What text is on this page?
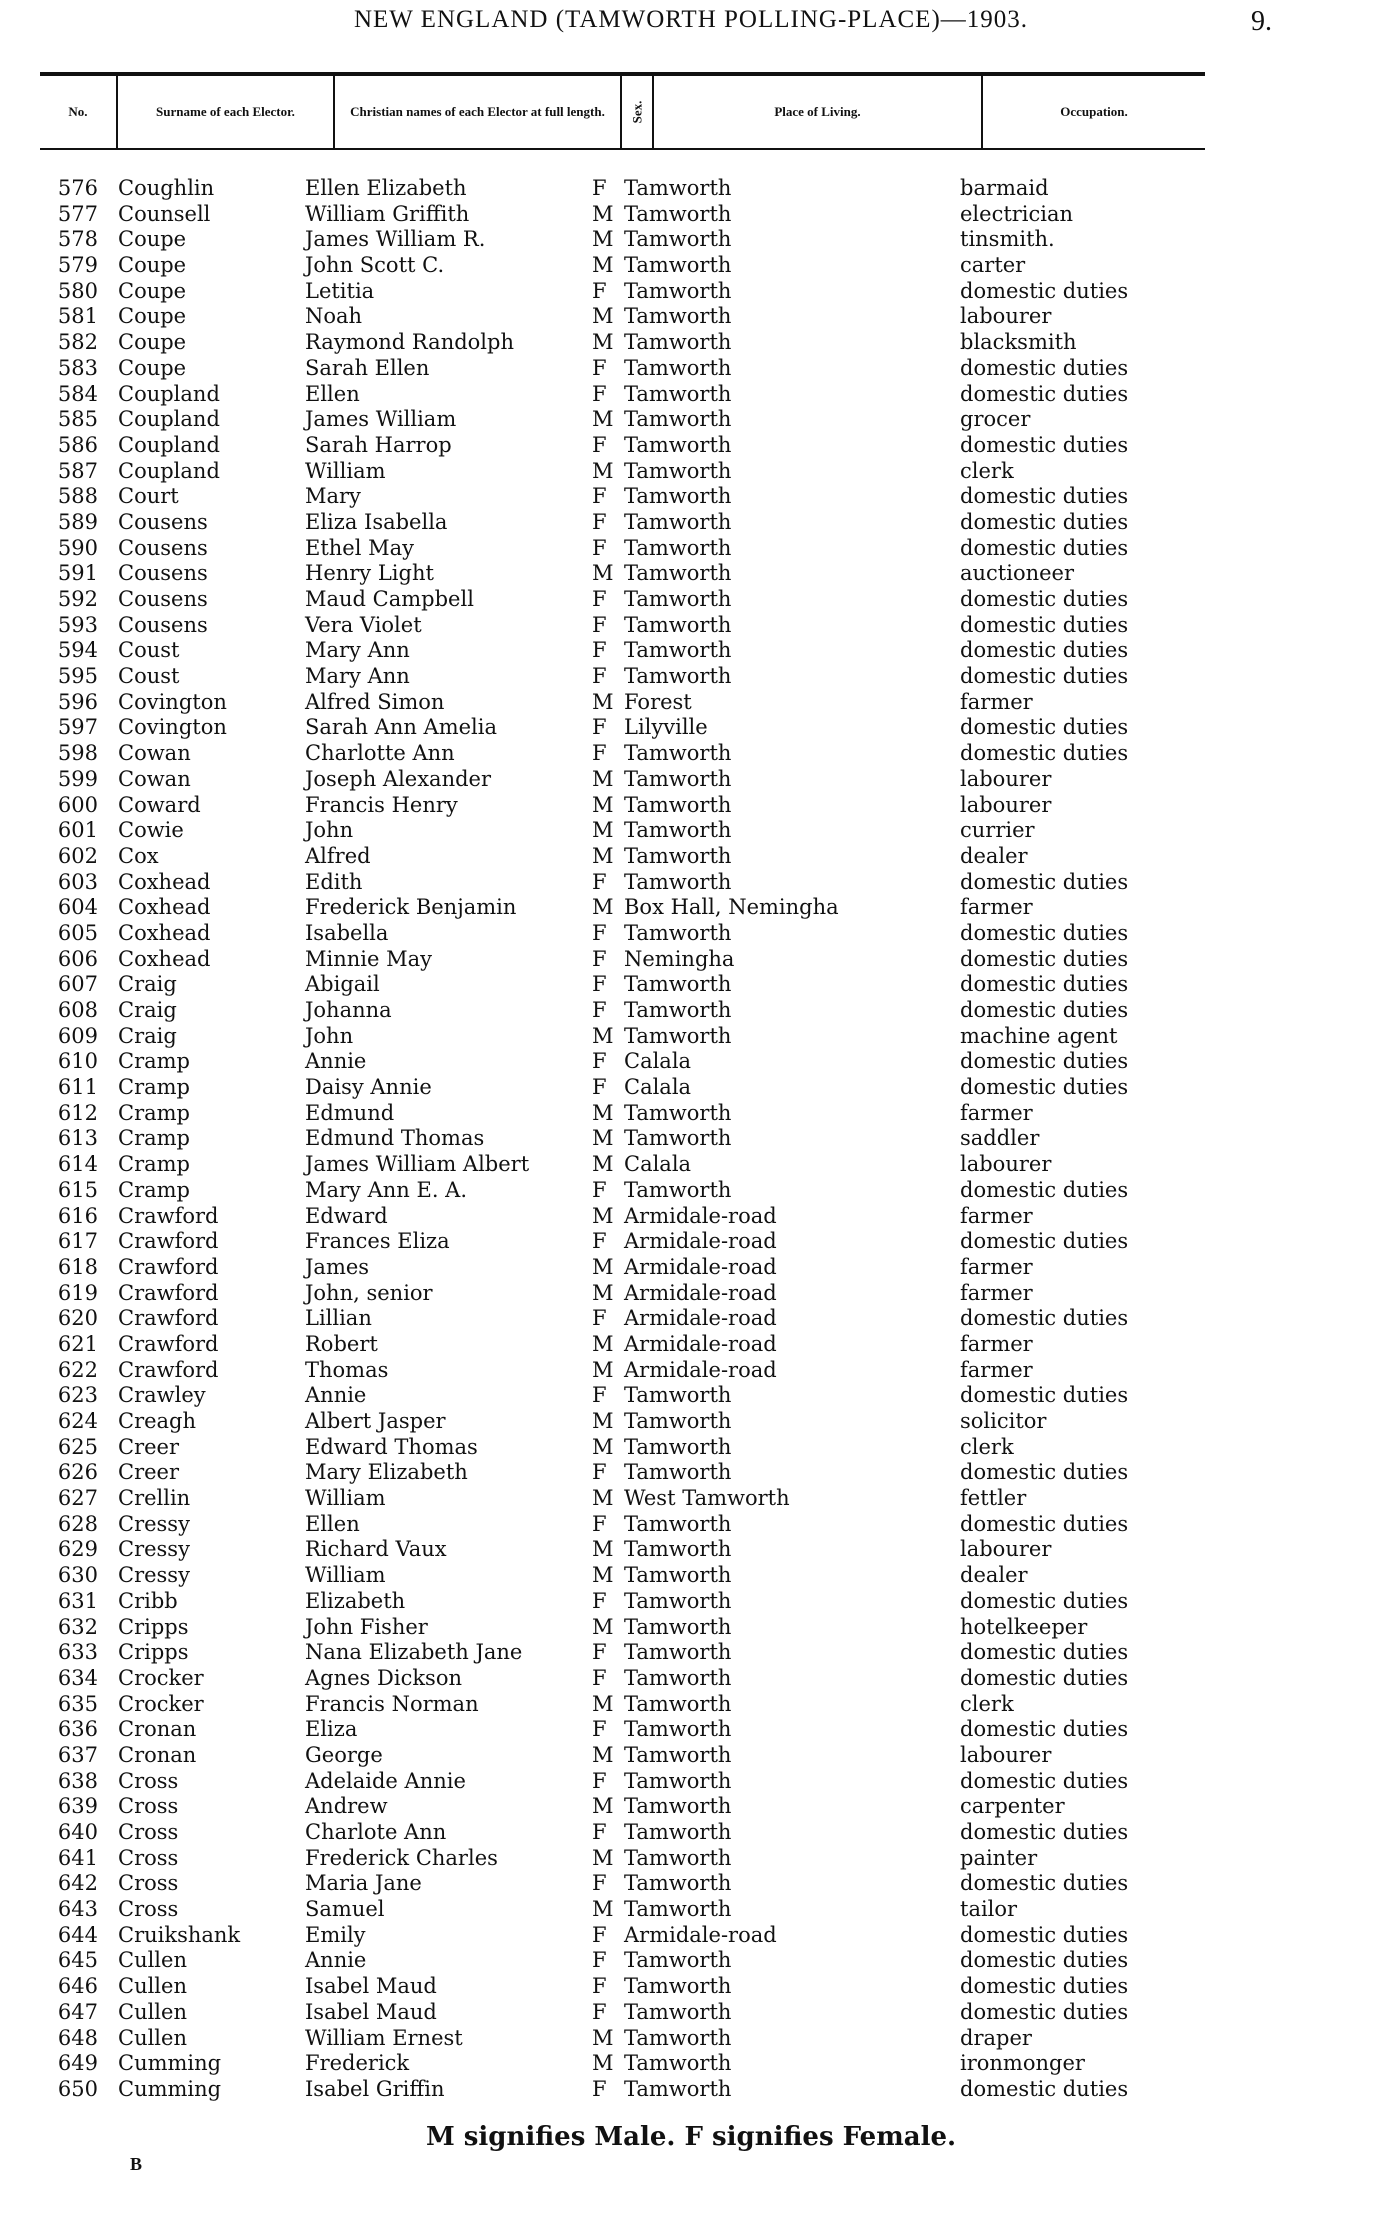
NEW ENGLAND (TAMWORTH POLLING-PLACE)—1903.	9.
No.	Surname of each Elector.	Christian names of each Elector at full length.	Sex.	Place of Living.	Occupation.
576 Coughlin	Ellen Elizabeth	F Tamworth	barmaid
577 Counsell	William Griffith	M Tamworth	electrician
578 Coupe	James William R.	M Tamworth	tinsmith.
579 Coupe	John Scott C.	M Tamworth	carter
580 Coupe	Letitia	F Tamworth	domestic duties
581 Coupe	Noah	M Tamworth	labourer
582 Coupe	Raymond Randolph	M Tamworth	blacksmith
583 Coupe	Sarah Ellen	F Tamworth	domestic duties
584 Coupland	Ellen	F Tamworth	domestic duties
585 Coupland	James William	M Tamworth	grocer
586 Coupland	Sarah Harrop	F Tamworth	domestic duties
587 Coupland	William	M Tamworth	clerk
588 Court	Mary	F Tamworth	domestic duties
589 Cousens	Eliza Isabella	F Tamworth	domestic duties
590 Cousens	Ethel May	F Tamworth	domestic duties
591 Cousens	Henry Light	M Tamworth	auctioneer
592 Cousens	Maud Campbell	F Tamworth	domestic duties
593 Cousens	Vera Violet	F Tamworth	domestic duties
594 Coust	Mary Ann	F Tamworth	domestic duties
595 Coust	Mary Ann	F Tamworth	domestic duties
596 Covington	Alfred Simon	M Forest	farmer
597 Covington	Sarah Ann Amelia	F Lilyville	domestic duties
598 Cowan	Charlotte Ann	F Tamworth	domestic duties
599 Cowan	Joseph Alexander	M Tamworth	labourer
600 Coward	Francis Henry	M Tamworth	labourer
601 Cowie	John	M Tamworth	currier
602 Cox	Alfred	M Tamworth	dealer
603 Coxhead	Edith	F Tamworth	domestic duties
604 Coxhead	Frederick Benjamin	M Box Hall, Nemingha	farmer
605 Coxhead	Isabella	F Tamworth	domestic duties
606 Coxhead	Minnie May	F Nemingha	domestic duties
607 Craig	Abigail	F Tamworth	domestic duties
608 Craig	Johanna	F Tamworth	domestic duties
609 Craig	John	M Tamworth	machine agent
610 Cramp	Annie	F Calala	domestic duties
611 Cramp	Daisy Annie	F Calala	domestic duties
612 Cramp	Edmund	M Tamworth	farmer
613 Cramp	Edmund Thomas	M Tamworth	saddler
614 Cramp	James William Albert	M Calala	labourer
615 Cramp	Mary Ann E. A.	F Tamworth	domestic duties
616 Crawford	Edward	M Armidale-road	farmer
617 Crawford	Frances Eliza	F Armidale-road	domestic duties
618 Crawford	James	M Armidale-road	farmer
619 Crawford	John, senior	M Armidale-road	farmer
620 Crawford	Lillian	F Armidale-road	domestic duties
621 Crawford	Robert	M Armidale-road	farmer
622 Crawford	Thomas	M Armidale-road	farmer
623 Crawley	Annie	F Tamworth	domestic duties
624 Creagh	Albert Jasper	M Tamworth	solicitor
625 Creer	Edward Thomas	M Tamworth	clerk
626 Creer	Mary Elizabeth	F Tamworth	domestic duties
627 Crellin	William	M West Tamworth	fettler
628 Cressy	Ellen	F Tamworth	domestic duties
629 Cressy	Richard Vaux	M Tamworth	labourer
630 Cressy	William	M Tamworth	dealer
631 Cribb	Elizabeth	F Tamworth	domestic duties
632 Cripps	John Fisher	M Tamworth	hotelkeeper
633 Cripps	Nana Elizabeth Jane	F Tamworth	domestic duties
634 Crocker	Agnes Dickson	F Tamworth	domestic duties
635 Crocker	Francis Norman	M Tamworth	clerk
636 Cronan	Eliza	F Tamworth	domestic duties
637 Cronan	George	M Tamworth	labourer
638 Cross	Adelaide Annie	F Tamworth	domestic duties
639 Cross	Andrew	M Tamworth	carpenter
640 Cross	Charlote Ann	F Tamworth	domestic duties
641 Cross	Frederick Charles	M Tamworth	painter
642 Cross	Maria Jane	F Tamworth	domestic duties
643 Cross	Samuel	M Tamworth	tailor
644 Cruikshank	Emily	F Armidale-road	domestic duties
645 Cullen	Annie	F Tamworth	domestic duties
646 Cullen	Isabel Maud	F Tamworth	domestic duties
647 Cullen	Isabel Maud	F Tamworth	domestic duties
648 Cullen	William Ernest	M Tamworth	draper
649 Cumming	Frederick	M Tamworth	ironmonger
650 Cumming	Isabel Griffin	F Tamworth	domestic duties
M signifies Male. F signifies Female.
B
